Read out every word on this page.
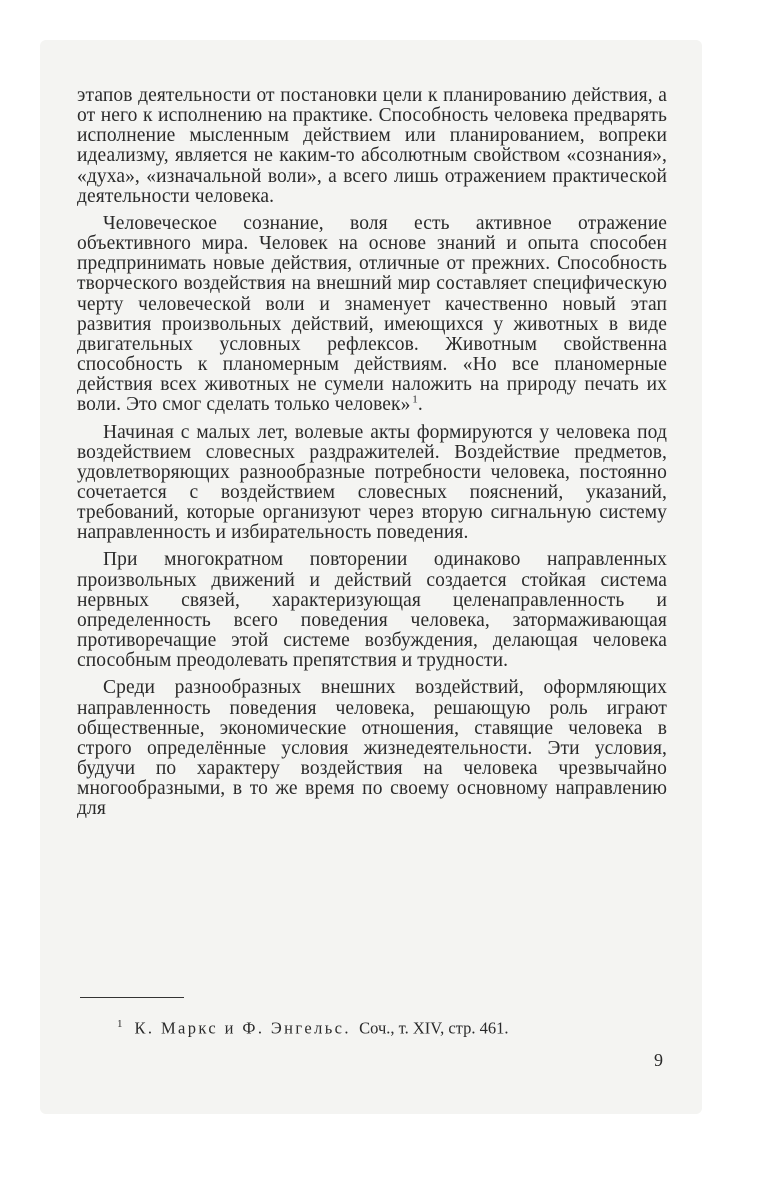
этапов деятельности от постановки цели к планированию действия, а от него к исполнению на практике. Способность человека предварять исполнение мысленным действием или планированием, вопреки идеализму, является не каким-то абсолютным свойством «сознания», «духа», «изначальной воли», а всего лишь отражением практической деятельности человека.

Человеческое сознание, воля есть активное отражение объективного мира. Человек на основе знаний и опыта способен предпринимать новые действия, отличные от прежних. Способность творческого воздействия на внешний мир составляет специфическую черту человеческой воли и знаменует качественно новый этап развития произвольных действий, имеющихся у животных в виде двигательных условных рефлексов. Животным свойственна способность к планомерным действиям. «Но все планомерные действия всех животных не сумели наложить на природу печать их воли. Это смог сделать только человек»  $^1$.

Начиная с малых лет, волевые акты формируются у человека под воздействием словесных раздражителей. Воздействие предметов, удовлетворяющих разнообразные потребности человека, постоянно сочетается с воздействием словесных пояснений, указаний, требований, которые организуют через вторую сигнальную систему направленность и избирательность поведения.

При многократном повторении одинаково направленных произвольных движений и действий создается стойкая система нервных связей, характеризующая целенаправленность и определенность всего поведения человека, затормаживающая противоречащие этой системе возбуждения, делающая человека способным преодолевать препятствия и трудности.

Среди разнообразных внешних воздействий, оформляющих направленность поведения человека, решающую роль играют общественные, экономические отношения, ставящие человека в строго определённые условия жизнедеятельности. Эти условия, будучи по характеру воздействия на человека чрезвычайно многообразными, в то же время по своему основному направлению для

$^1$ К. Маркс и Ф. Энгельс. Соч., т. XIV, стр. 461.
9
